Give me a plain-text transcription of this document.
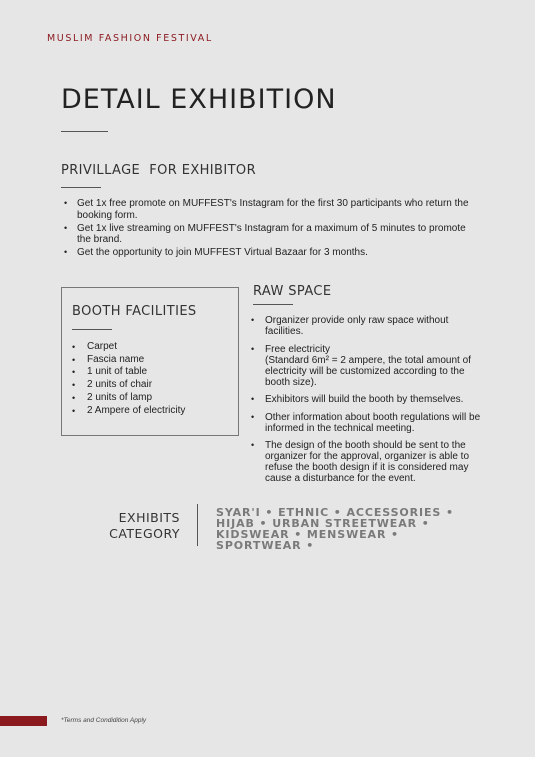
MUSLIM FASHION FESTIVAL
DETAIL EXHIBITION
PRIVILLAGE  FOR EXHIBITOR
• Get 1x free promote on MUFFEST's Instagram for the first 30 participants who return the booking form.
• Get 1x live streaming on MUFFEST's Instagram for a maximum of 5 minutes to promote the brand.
• Get the opportunity to join MUFFEST Virtual Bazaar for 3 months.
BOOTH FACILITIES
• Carpet
• Fascia name
• 1 unit of table
• 2 units of chair
• 2 units of lamp
• 2 Ampere of electricity
RAW SPACE
• Organizer provide only raw space without facilities.
• Free electricity
(Standard 6m² = 2 ampere, the total amount of electricity will be customized according to the booth size).
• Exhibitors will build the booth by themselves.
• Other information about booth regulations will be informed in the technical meeting.
• The design of the booth should be sent to the organizer for the approval, organizer is able to refuse the booth design if it is considered may cause a disturbance for the event.
EXHIBITS
CATEGORY
SYAR'I • ETHNIC • ACCESSORIES • HIJAB • URBAN STREETWEAR • KIDSWEAR • MENSWEAR • SPORTWEAR •
*Terms and Condidition Apply
